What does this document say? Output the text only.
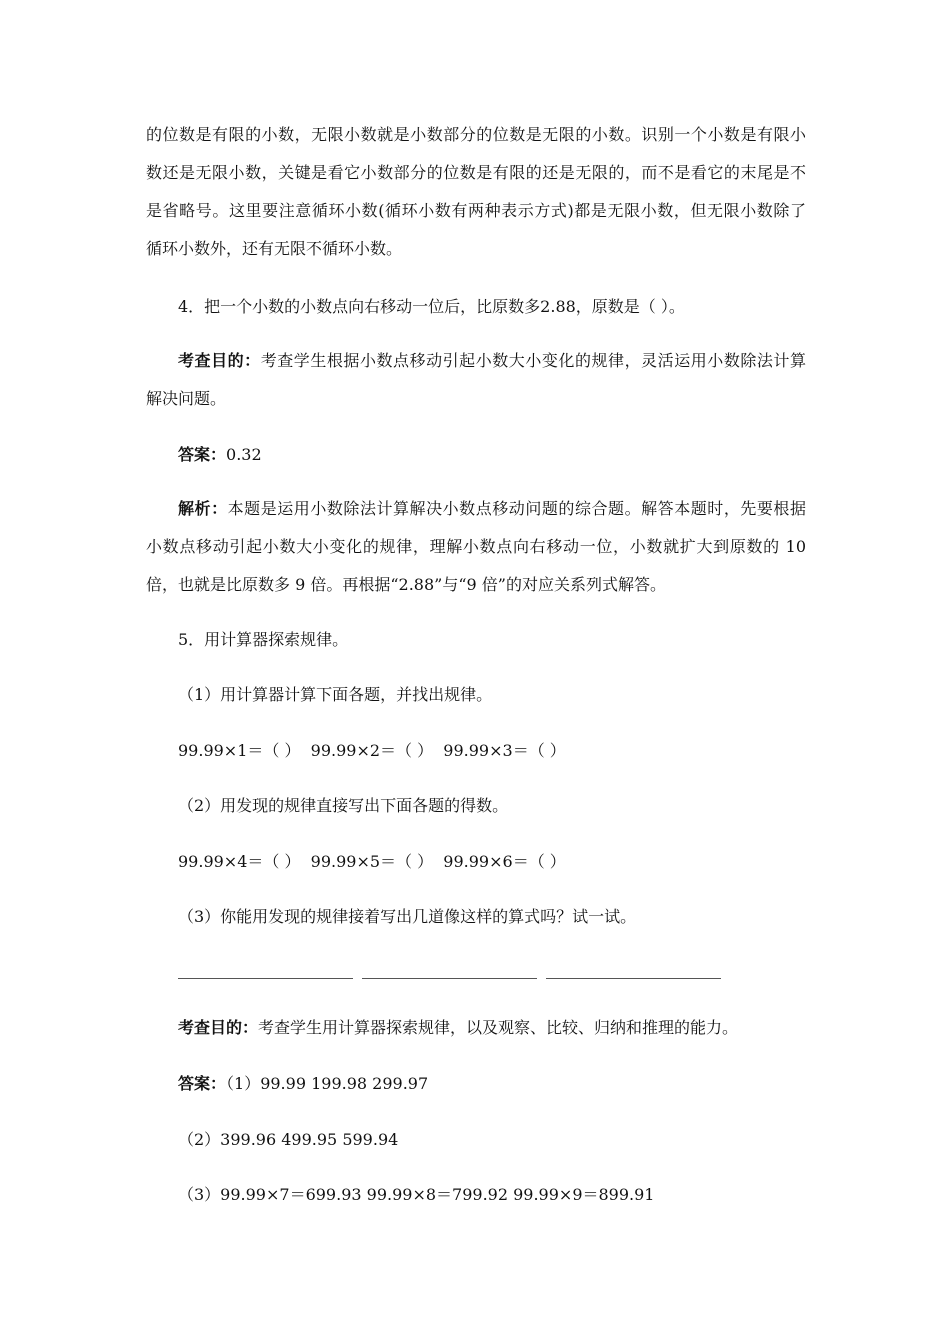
的位数是有限的小数，无限小数就是小数部分的位数是无限的小数。识别一个小数是有限小
数还是无限小数，关键是看它小数部分的位数是有限的还是无限的，而不是看它的末尾是不
是省略号。这里要注意循环小数(循环小数有两种表示方式)都是无限小数，但无限小数除了
循环小数外，还有无限不循环小数。
4．把一个小数的小数点向右移动一位后，比原数多2.88，原数是（ ）。
考查目的：考查学生根据小数点移动引起小数大小变化的规律，灵活运用小数除法计算
解决问题。
答案：0.32
解析：本题是运用小数除法计算解决小数点移动问题的综合题。解答本题时，先要根据
小数点移动引起小数大小变化的规律，理解小数点向右移动一位，小数就扩大到原数的 10
倍，也就是比原数多 9 倍。再根据“2.88”与“9 倍”的对应关系列式解答。
5．用计算器探索规律。
（1）用计算器计算下面各题，并找出规律。
99.99×1＝（ ）  99.99×2＝（ ）  99.99×3＝（ ）
（2）用发现的规律直接写出下面各题的得数。
99.99×4＝（ ）  99.99×5＝（ ）  99.99×6＝（ ）
（3）你能用发现的规律接着写出几道像这样的算式吗？试一试。
考查目的：考查学生用计算器探索规律，以及观察、比较、归纳和推理的能力。
答案：（1）99.99 199.98 299.97
（2）399.96 499.95 599.94
（3）99.99×7＝699.93 99.99×8＝799.92 99.99×9＝899.91
